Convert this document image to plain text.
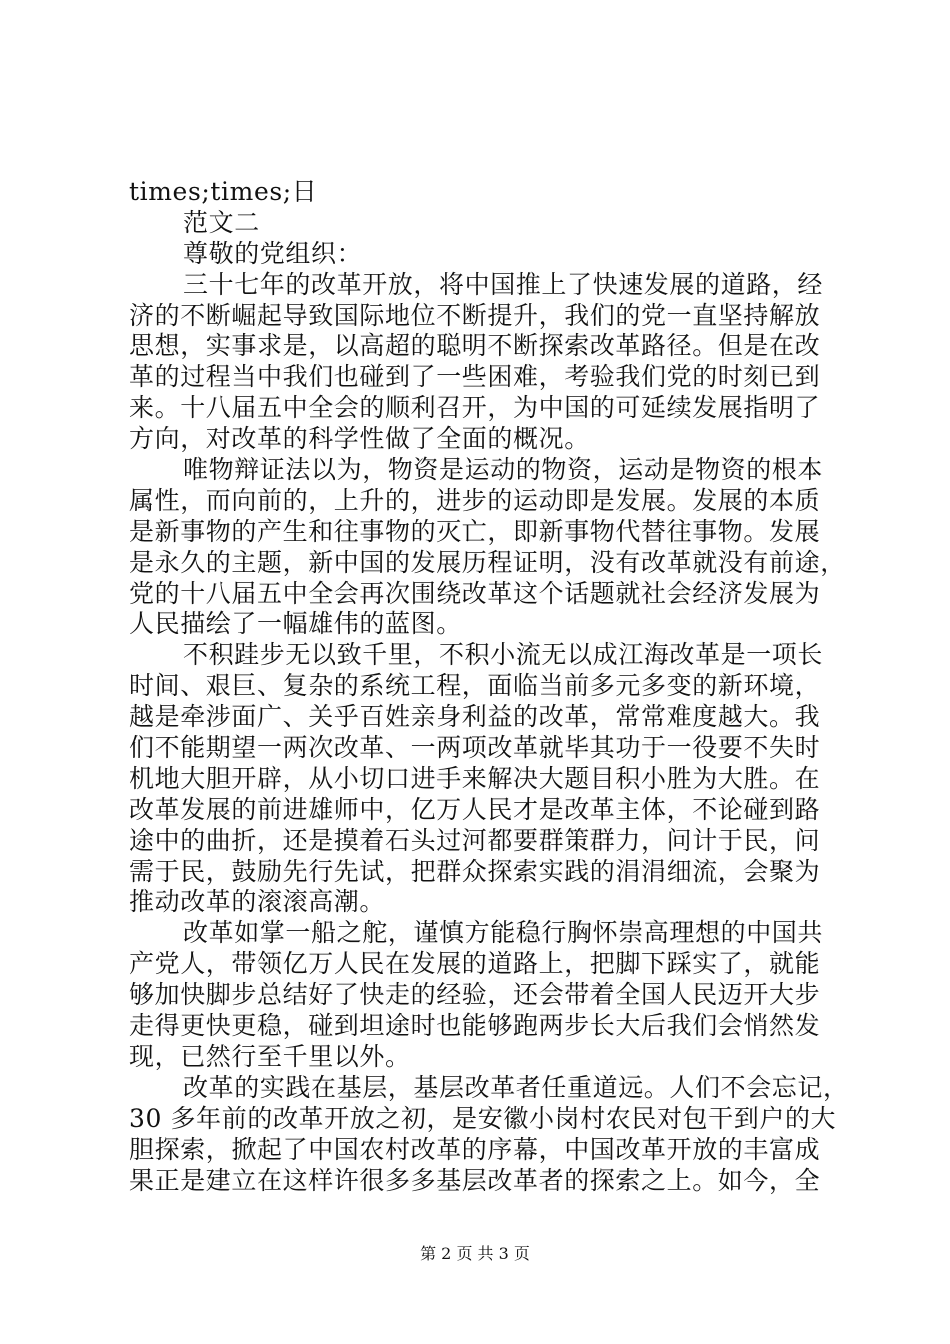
times;times;日
范文二
尊敬的党组织：
三十七年的改革开放，将中国推上了快速发展的道路，经
济的不断崛起导致国际地位不断提升，我们的党一直坚持解放
思想，实事求是，以高超的聪明不断探索改革路径。但是在改
革的过程当中我们也碰到了一些困难，考验我们党的时刻已到
来。十八届五中全会的顺利召开，为中国的可延续发展指明了
方向，对改革的科学性做了全面的概况。
唯物辩证法以为，物资是运动的物资，运动是物资的根本
属性，而向前的，上升的，进步的运动即是发展。发展的本质
是新事物的产生和往事物的灭亡，即新事物代替往事物。发展
是永久的主题，新中国的发展历程证明，没有改革就没有前途，
党的十八届五中全会再次围绕改革这个话题就社会经济发展为
人民描绘了一幅雄伟的蓝图。
不积跬步无以致千里，不积小流无以成江海改革是一项长
时间、艰巨、复杂的系统工程，面临当前多元多变的新环境，
越是牵涉面广、关乎百姓亲身利益的改革，常常难度越大。我
们不能期望一两次改革、一两项改革就毕其功于一役要不失时
机地大胆开辟，从小切口进手来解决大题目积小胜为大胜。在
改革发展的前进雄师中，亿万人民才是改革主体，不论碰到路
途中的曲折，还是摸着石头过河都要群策群力，问计于民，问
需于民，鼓励先行先试，把群众探索实践的涓涓细流，会聚为
推动改革的滚滚高潮。
改革如掌一船之舵，谨慎方能稳行胸怀崇高理想的中国共
产党人，带领亿万人民在发展的道路上，把脚下踩实了，就能
够加快脚步总结好了快走的经验，还会带着全国人民迈开大步
走得更快更稳，碰到坦途时也能够跑两步长大后我们会悄然发
现，已然行至千里以外。
改革的实践在基层，基层改革者任重道远。人们不会忘记，
30 多年前的改革开放之初，是安徽小岗村农民对包干到户的大
胆探索，掀起了中国农村改革的序幕，中国改革开放的丰富成
果正是建立在这样许很多多基层改革者的探索之上。如今，全
第 2 页 共 3 页
